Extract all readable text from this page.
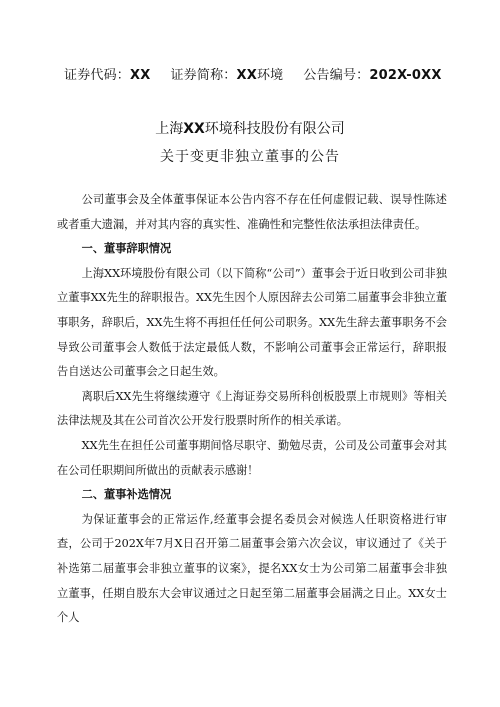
证券代码：XX 证券简称：XX环境 公告编号：202X-0XX
上海XX环境科技股份有限公司
关于变更非独立董事的公告

公司董事会及全体董事保证本公告内容不存在任何虚假记载、误导性陈述或者重大遗漏，并对其内容的真实性、准确性和完整性依法承担法律责任。

一、董事辞职情况

上海XX环境股份有限公司（以下简称“公司”）董事会于近日收到公司非独立董事XX先生的辞职报告。XX先生因个人原因辞去公司第二届董事会非独立董事职务，辞职后，XX先生将不再担任任何公司职务。XX先生辞去董事职务不会导致公司董事会人数低于法定最低人数，不影响公司董事会正常运行，辞职报告自送达公司董事会之日起生效。

离职后XX先生将继续遵守《上海证券交易所科创板股票上市规则》等相关法律法规及其在公司首次公开发行股票时所作的相关承诺。

XX先生在担任公司董事期间恪尽职守、勤勉尽责，公司及公司董事会对其在公司任职期间所做出的贡献表示感谢！

二、董事补选情况

为保证董事会的正常运作,经董事会提名委员会对候选人任职资格进行审查，公司于202X年7月X日召开第二届董事会第六次会议，审议通过了《关于补选第二届董事会非独立董事的议案》，提名XX女士为公司第二届董事会非独立董事，任期自股东大会审议通过之日起至第二届董事会届满之日止。XX女士个人
